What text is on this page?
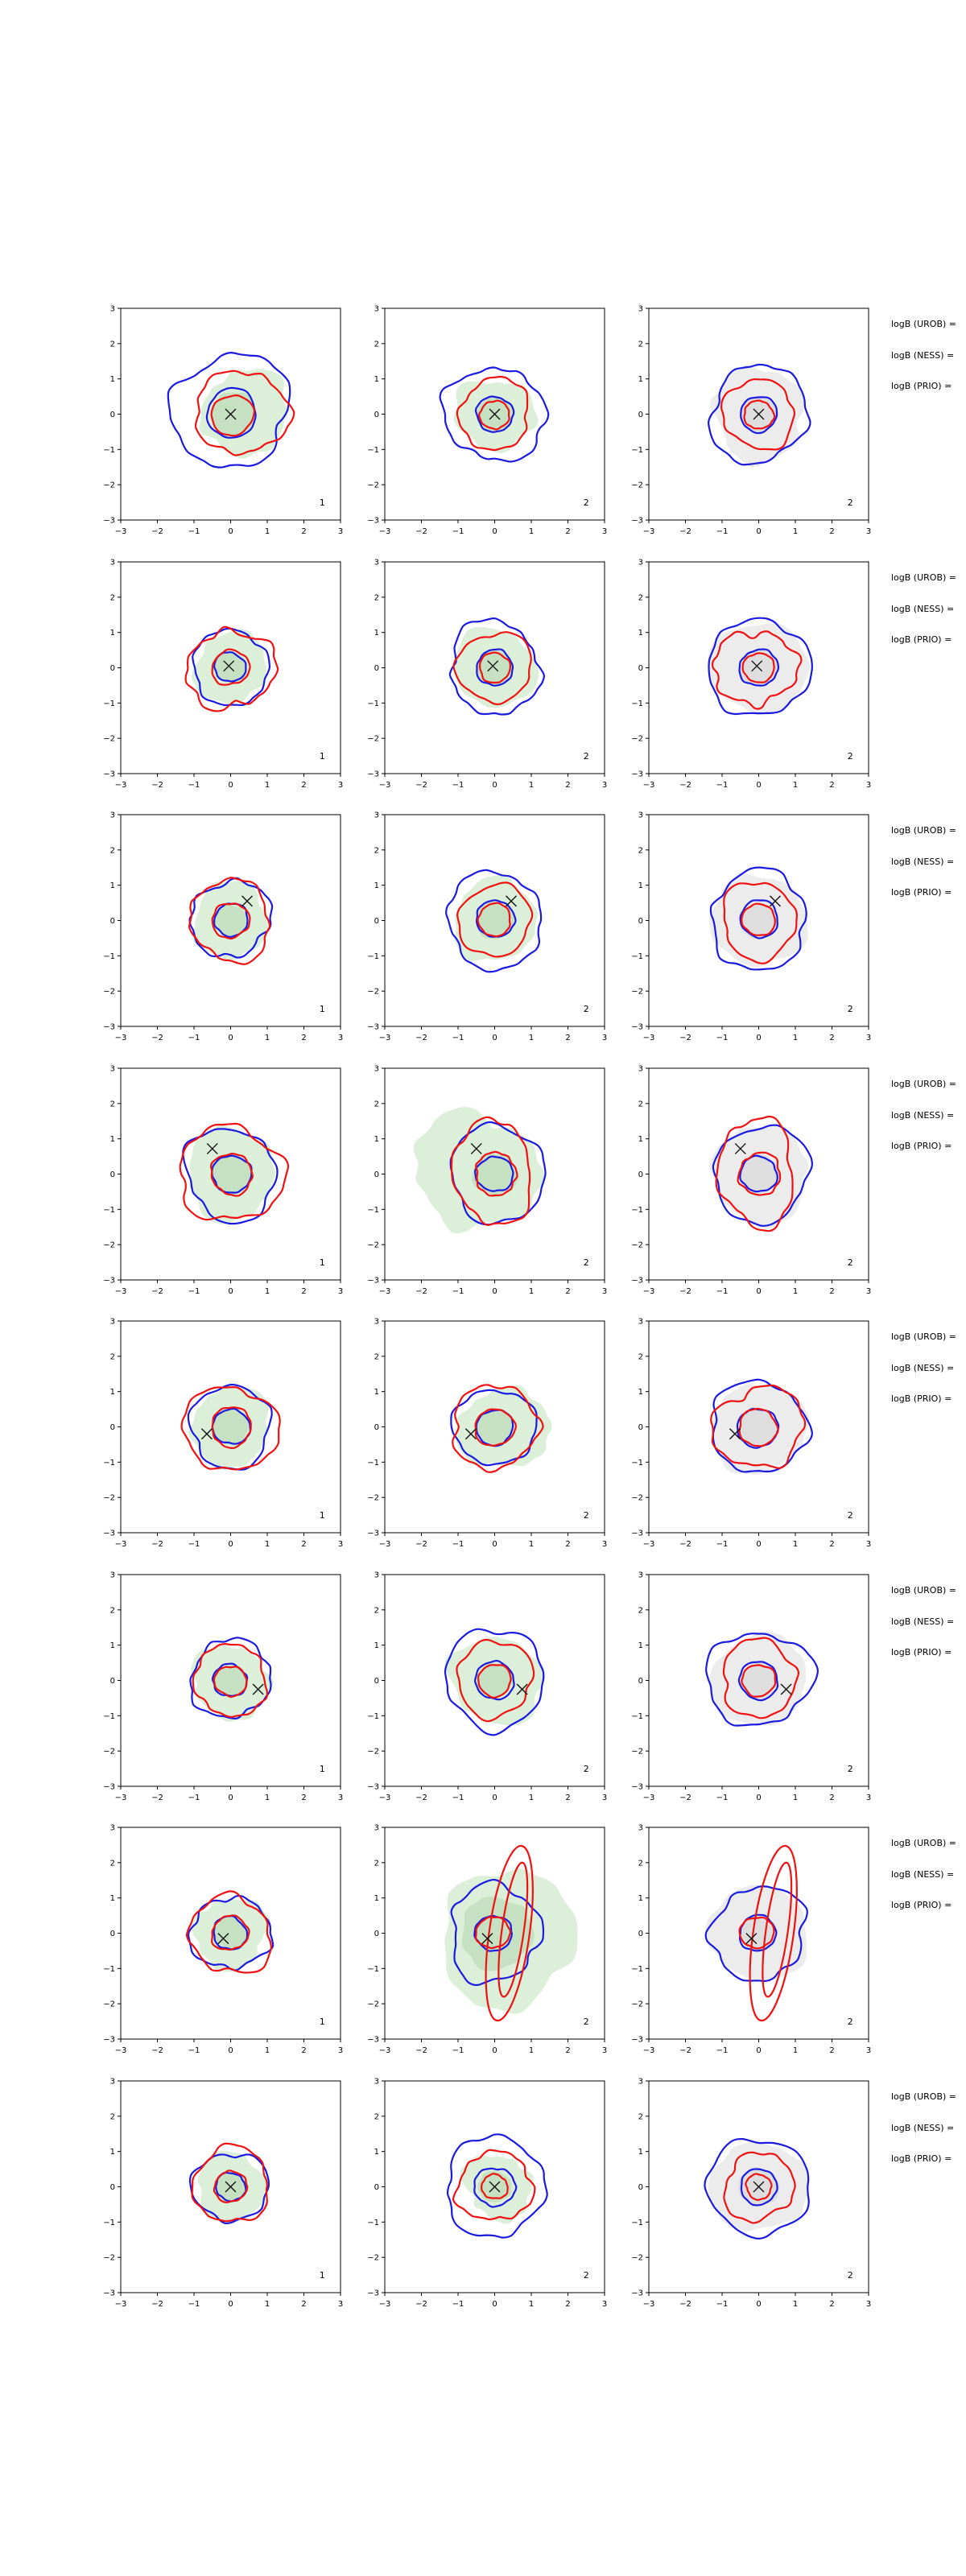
−3
−3
−2
−2
−1
−1
0
0
1
1
2
2
3
3
1
−3
−3
−2
−2
−1
−1
0
0
1
1
2
2
3
3
2
−3
−3
−2
−2
−1
−1
0
0
1
1
2
2
3
3
2
logB (UROB) =
logB (NESS) =
logB (PRIO) =
−3
−3
−2
−2
−1
−1
0
0
1
1
2
2
3
3
1
−3
−3
−2
−2
−1
−1
0
0
1
1
2
2
3
3
2
−3
−3
−2
−2
−1
−1
0
0
1
1
2
2
3
3
2
logB (UROB) =
logB (NESS) =
logB (PRIO) =
−3
−3
−2
−2
−1
−1
0
0
1
1
2
2
3
3
1
−3
−3
−2
−2
−1
−1
0
0
1
1
2
2
3
3
2
−3
−3
−2
−2
−1
−1
0
0
1
1
2
2
3
3
2
logB (UROB) =
logB (NESS) =
logB (PRIO) =
−3
−3
−2
−2
−1
−1
0
0
1
1
2
2
3
3
1
−3
−3
−2
−2
−1
−1
0
0
1
1
2
2
3
3
2
−3
−3
−2
−2
−1
−1
0
0
1
1
2
2
3
3
2
logB (UROB) =
logB (NESS) =
logB (PRIO) =
−3
−3
−2
−2
−1
−1
0
0
1
1
2
2
3
3
1
−3
−3
−2
−2
−1
−1
0
0
1
1
2
2
3
3
2
−3
−3
−2
−2
−1
−1
0
0
1
1
2
2
3
3
2
logB (UROB) =
logB (NESS) =
logB (PRIO) =
−3
−3
−2
−2
−1
−1
0
0
1
1
2
2
3
3
1
−3
−3
−2
−2
−1
−1
0
0
1
1
2
2
3
3
2
−3
−3
−2
−2
−1
−1
0
0
1
1
2
2
3
3
2
logB (UROB) =
logB (NESS) =
logB (PRIO) =
−3
−3
−2
−2
−1
−1
0
0
1
1
2
2
3
3
1
−3
−3
−2
−2
−1
−1
0
0
1
1
2
2
3
3
2
−3
−3
−2
−2
−1
−1
0
0
1
1
2
2
3
3
2
logB (UROB) =
logB (NESS) =
logB (PRIO) =
−3
−3
−2
−2
−1
−1
0
0
1
1
2
2
3
3
1
−3
−3
−2
−2
−1
−1
0
0
1
1
2
2
3
3
2
−3
−3
−2
−2
−1
−1
0
0
1
1
2
2
3
3
2
logB (UROB) =
logB (NESS) =
logB (PRIO) =
